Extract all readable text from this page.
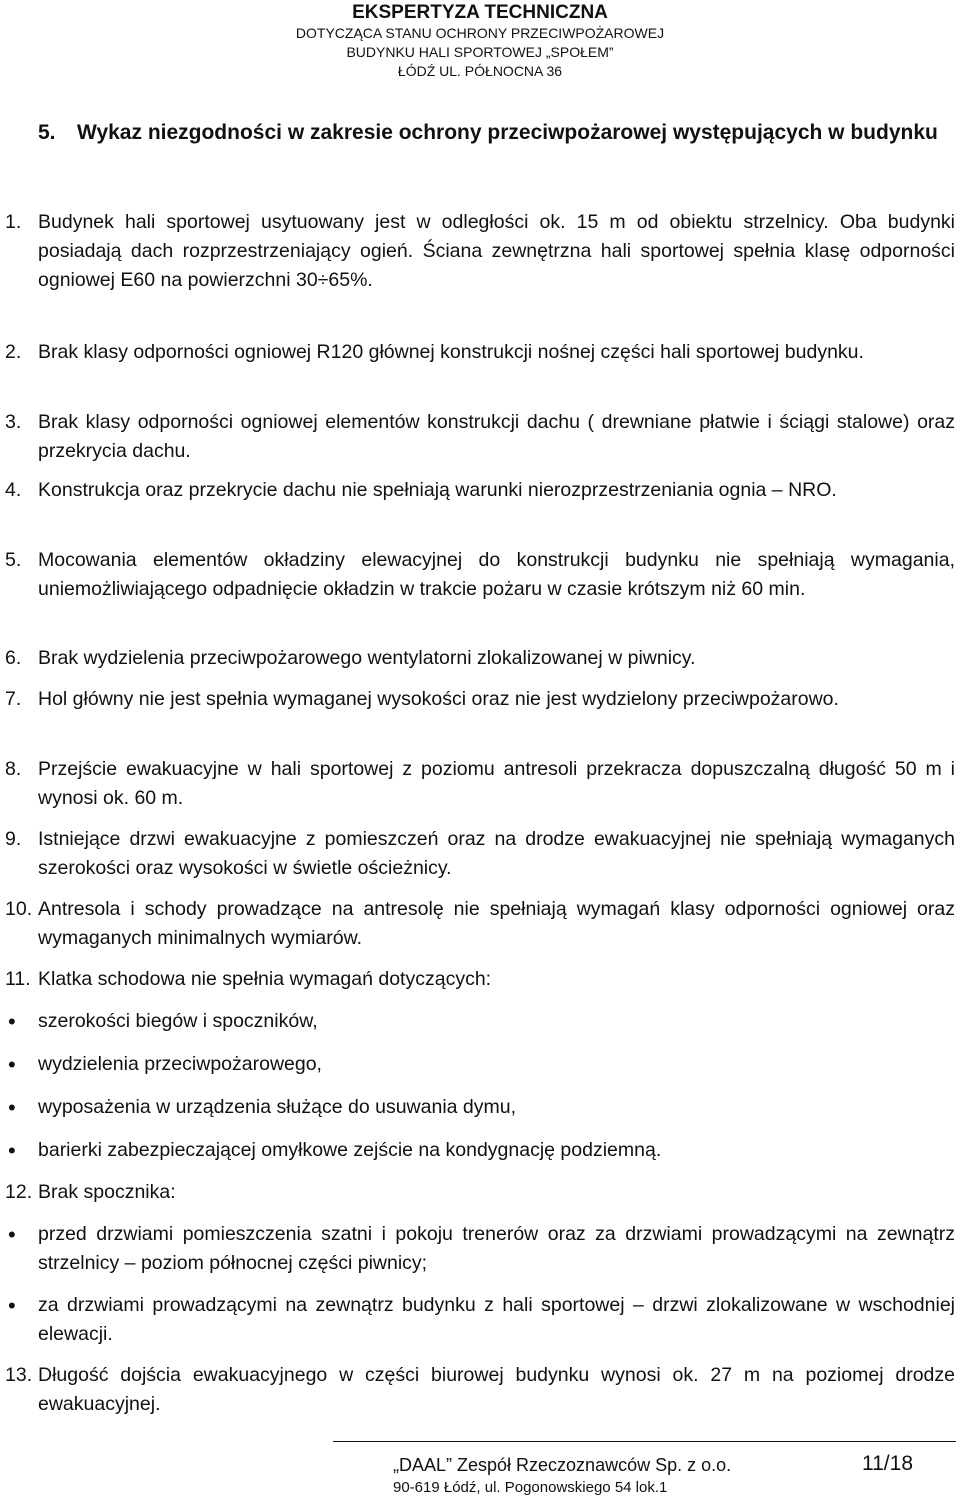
EKSPERTYZA TECHNICZNA
DOTYCZĄCA STANU OCHRONY PRZECIWPOŻAROWEJ
BUDYNKU HALI SPORTOWEJ „SPOŁEM”
ŁÓDŹ UL. PÓŁNOCNA 36
5.	Wykaz niezgodności w zakresie ochrony przeciwpożarowej występujących w budynku
1. Budynek hali sportowej usytuowany jest w odległości ok. 15 m od obiektu strzelnicy. Oba budynki posiadają dach rozprzestrzeniający ogień. Ściana zewnętrzna hali sportowej spełnia klasę odporności ogniowej E60 na powierzchni 30÷65%.
2. Brak klasy odporności ogniowej R120 głównej konstrukcji nośnej części hali sportowej budynku.
3. Brak klasy odporności ogniowej elementów konstrukcji dachu ( drewniane płatwie i ściągi stalowe) oraz przekrycia dachu.
4. Konstrukcja oraz przekrycie dachu nie spełniają warunki nierozprzestrzeniania ognia – NRO.
5. Mocowania elementów okładziny elewacyjnej do konstrukcji budynku nie spełniają wymagania, uniemożliwiającego odpadnięcie okładzin w trakcie pożaru w czasie krótszym niż 60 min.
6. Brak wydzielenia przeciwpożarowego wentylatorni zlokalizowanej w piwnicy.
7. Hol główny nie jest spełnia wymaganej wysokości oraz nie jest wydzielony przeciwpożarowo.
8. Przejście ewakuacyjne w hali sportowej z poziomu antresoli przekracza dopuszczalną długość 50 m i wynosi ok. 60 m.
9. Istniejące drzwi ewakuacyjne z pomieszczeń oraz na drodze ewakuacyjnej nie spełniają wymaganych szerokości oraz wysokości w świetle ościeżnicy.
10. Antresola i schody prowadzące na antresolę nie spełniają wymagań klasy odporności ogniowej oraz wymaganych minimalnych wymiarów.
11. Klatka schodowa nie spełnia wymagań dotyczących:
• szerokości biegów i spoczników,
• wydzielenia przeciwpożarowego,
• wyposażenia w urządzenia służące do usuwania dymu,
• barierki zabezpieczającej omyłkowe zejście na kondygnację podziemną.
12. Brak spocznika:
• przed drzwiami pomieszczenia szatni i pokoju trenerów oraz za drzwiami prowadzącymi na zewnątrz strzelnicy – poziom północnej części piwnicy;
• za drzwiami prowadzącymi na zewnątrz budynku z hali sportowej – drzwi zlokalizowane w wschodniej elewacji.
13. Długość dojścia ewakuacyjnego w części biurowej budynku wynosi ok. 27 m na poziomej drodze ewakuacyjnej.
„DAAL” Zespół Rzeczoznawców Sp. z o.o.	11/18
90-619 Łódź, ul. Pogonowskiego 54 lok.1
